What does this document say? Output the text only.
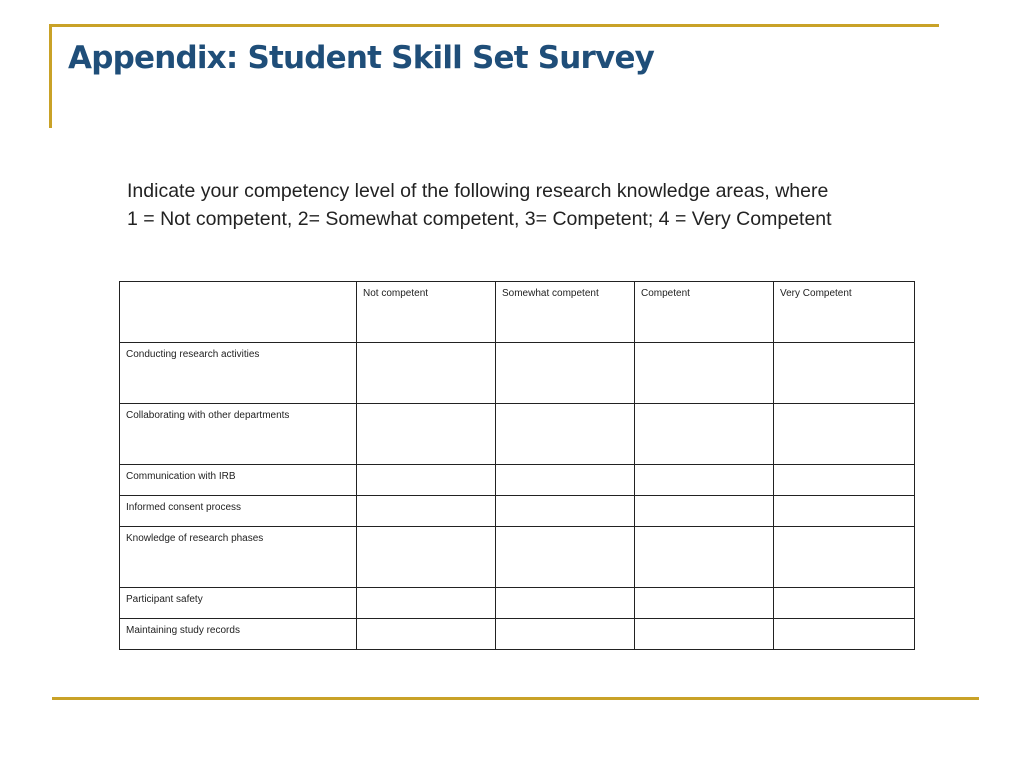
Appendix: Student Skill Set Survey
Indicate your competency level of the following research knowledge areas, where
1 = Not competent, 2= Somewhat competent, 3= Competent; 4 = Very Competent
	Not competent	Somewhat competent	Competent	Very Competent
Conducting research activities				
Collaborating with other departments				
Communication with IRB				
Informed consent process				
Knowledge of research phases				
Participant safety				
Maintaining study records				
